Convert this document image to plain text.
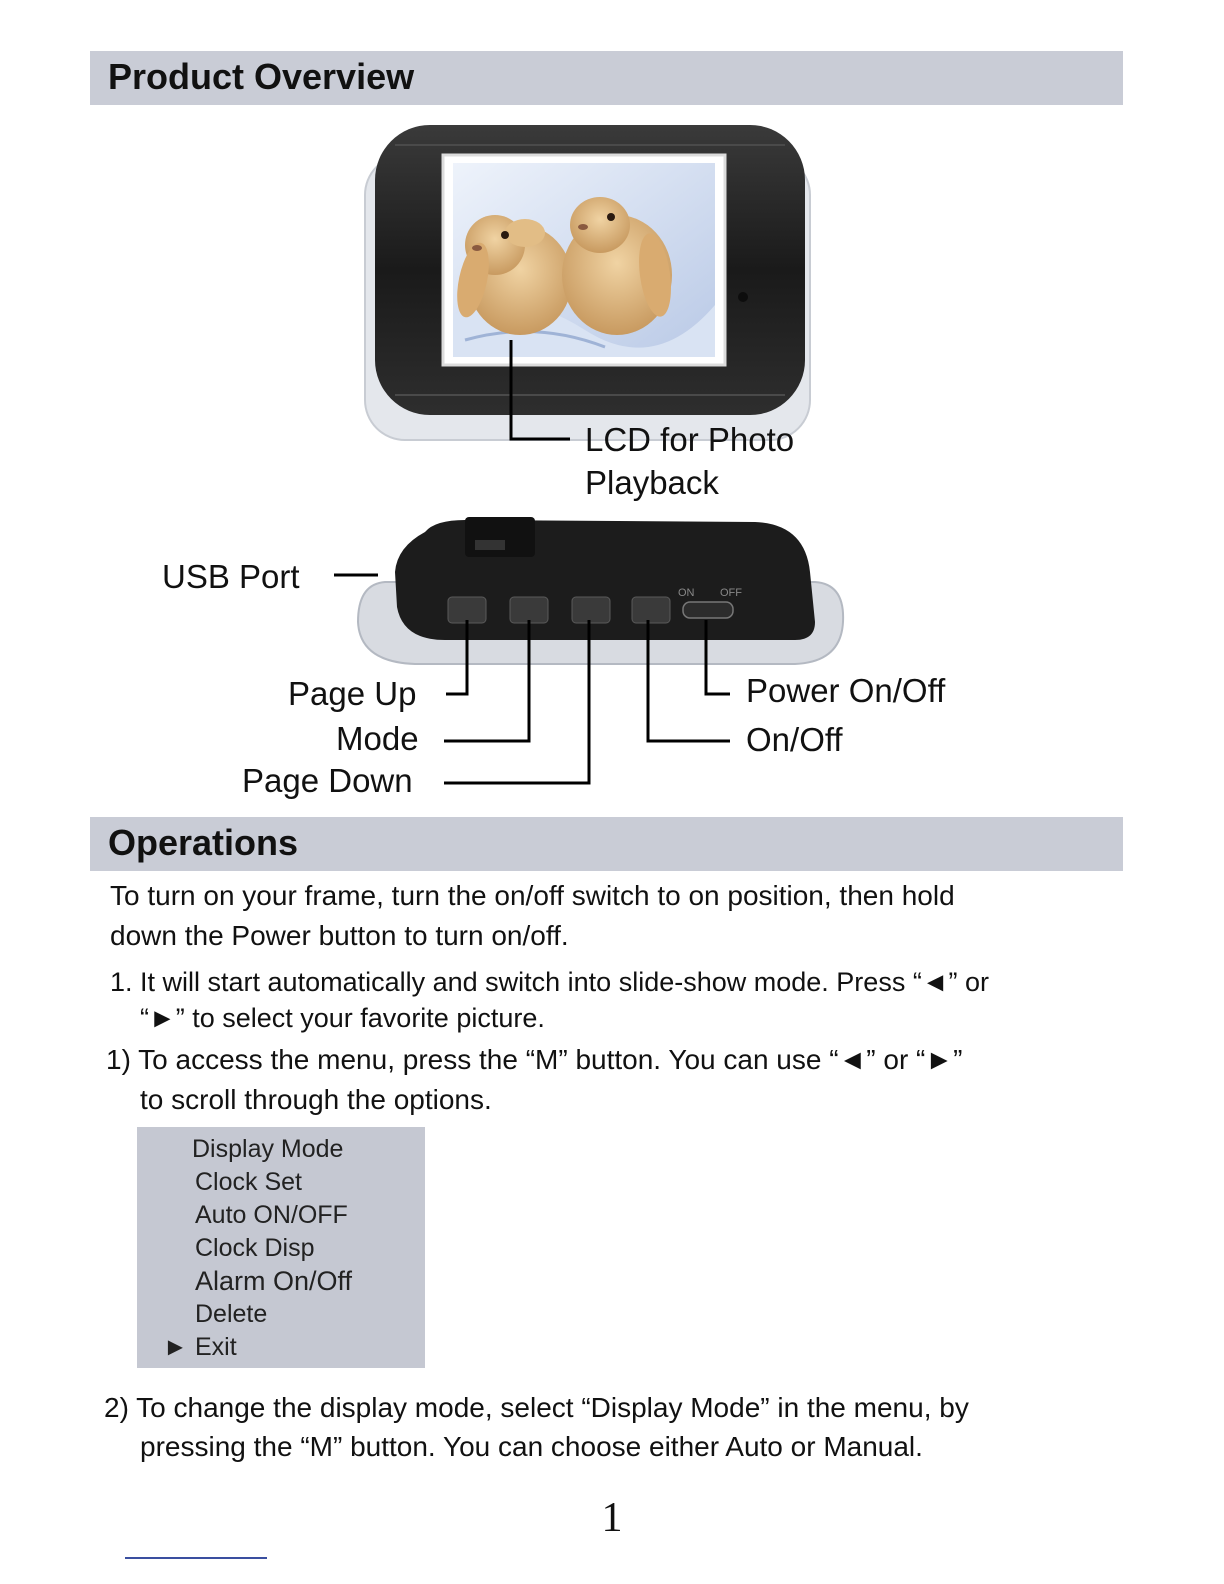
Product Overview
LCD for Photo
Playback
ON OFF
USB Port
Page Up
Mode
Page Down
Power On/Off
On/Off
Operations
To turn on your frame, turn the on/off switch to on position, then hold
down the Power button to turn on/off.
1. It will start automatically and switch into slide-show mode. Press “◄” or
“►” to select your favorite picture.
1) To access the menu, press the “M” button. You can use “◄” or “►”
to scroll through the options.
Display Mode
Clock Set
Auto ON/OFF
Clock Disp
Alarm On/Off
Delete
► Exit
2) To change the display mode, select “Display Mode” in the menu, by
pressing the “M” button. You can choose either Auto or Manual.
1
